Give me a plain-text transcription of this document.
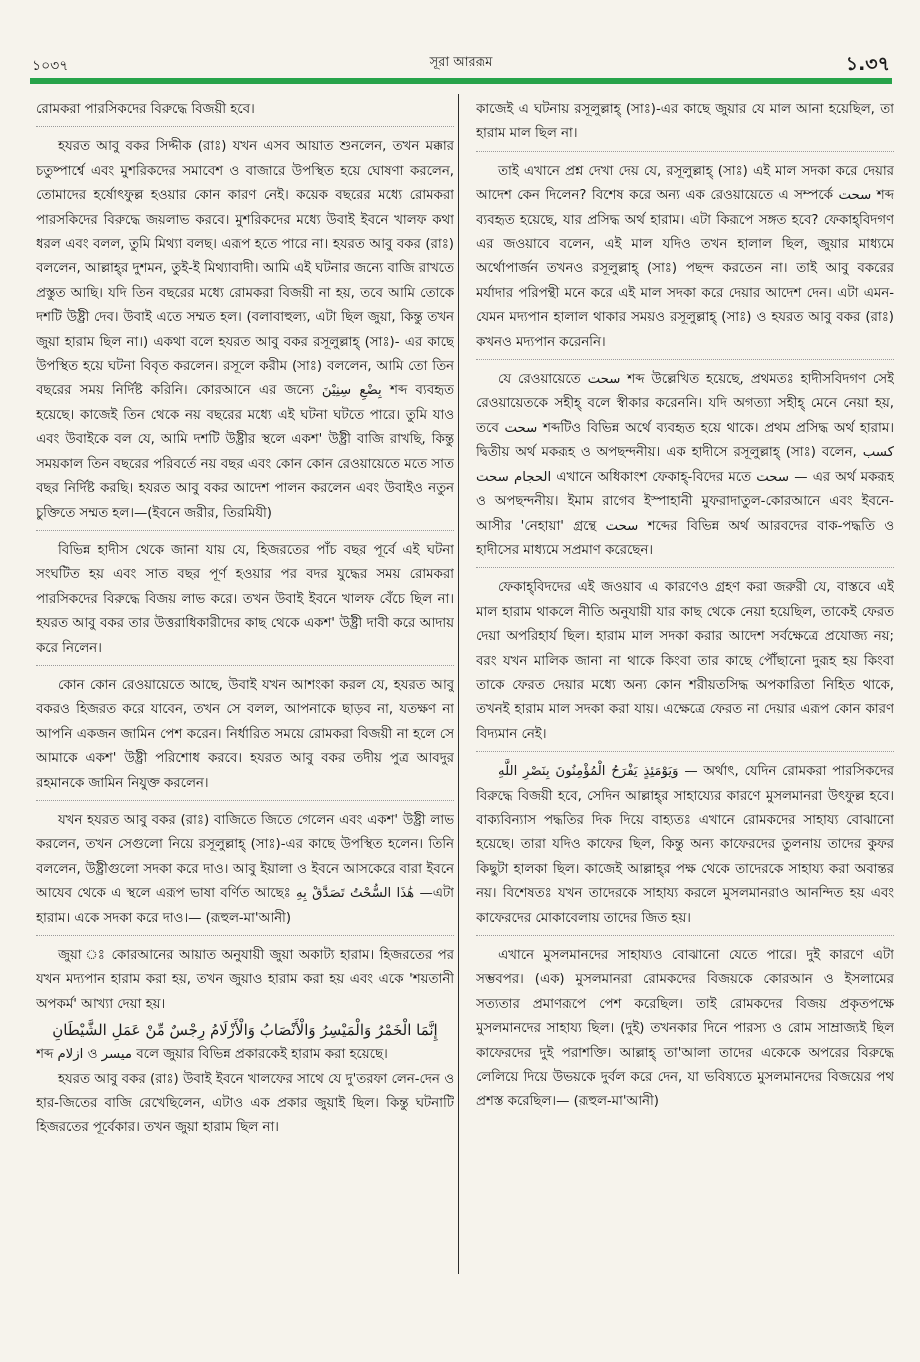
১০৩৭	সূরা আররূম	১.৩৭

রোমকরা পারসিকদের বিরুদ্ধে বিজয়ী হবে।

হযরত আবু বকর সিদ্দীক (রাঃ) যখন এসব আয়াত শুনলেন, তখন মক্কার চতুষ্পার্শ্বে এবং মুশরিকদের সমাবেশ ও বাজারে উপস্থিত হয়ে ঘোষণা করলেন, তোমাদের হর্ষোৎফুল্ল হওয়ার কোন কারণ নেই। কয়েক বছরের মধ্যে রোমকরা পারসকিদের বিরুদ্ধে জয়লাভ করবে। মুশরিকদের মধ্যে উবাই ইবনে খালফ কথা ধরল এবং বলল, তুমি মিথ্যা বলছ। এরূপ হতে পারে না। হযরত আবু বকর (রাঃ) বললেন, আল্লাহ্‌র দুশমন, তুই-ই মিথ্যাবাদী। আমি এই ঘটনার জন্যে বাজি রাখতে প্রস্তুত আছি। যদি তিন বছরের মধ্যে রোমকরা বিজয়ী না হয়, তবে আমি তোকে দশটি উষ্ট্রী দেব। উবাই এতে সম্মত হল। (বলাবাহুল্য, এটা ছিল জুয়া, কিন্তু তখন জুয়া হারাম ছিল না।) একথা বলে হযরত আবু বকর রসূলুল্লাহ্ (সাঃ)- এর কাছে উপস্থিত হয়ে ঘটনা বিবৃত করলেন। রসূলে করীম (সাঃ) বললেন, আমি তো তিন বছরের সময় নির্দিষ্ট করিনি। কোরআনে এর জন্যে بِضْعِ سِنِيْنَ শব্দ ব্যবহৃত হয়েছে। কাজেই তিন থেকে নয় বছরের মধ্যে এই ঘটনা ঘটতে পারে। তুমি যাও এবং উবাইকে বল যে, আমি দশটি উষ্ট্রীর স্থলে একশ' উষ্ট্রী বাজি রাখছি, কিন্তু সময়কাল তিন বছরের পরিবর্তে নয় বছর এবং কোন কোন রেওয়ায়েতে মতে সাত বছর নির্দিষ্ট করছি। হযরত আবু বকর আদেশ পালন করলেন এবং উবাইও নতুন চুক্তিতে সম্মত হল।—(ইবনে জরীর, তিরমিযী)

বিভিন্ন হাদীস থেকে জানা যায় যে, হিজরতের পাঁচ বছর পূর্বে এই ঘটনা সংঘটিত হয় এবং সাত বছর পূর্ণ হওয়ার পর বদর যুদ্ধের সময় রোমকরা পারসিকদের বিরুদ্ধে বিজয় লাভ করে। তখন উবাই ইবনে খালফ বেঁচে ছিল না। হযরত আবু বকর তার উত্তরাধিকারীদের কাছ থেকে একশ' উষ্ট্রী দাবী করে আদায় করে নিলেন।

কোন কোন রেওয়ায়েতে আছে, উবাই যখন আশংকা করল যে, হযরত আবু বকরও হিজরত করে যাবেন, তখন সে বলল, আপনাকে ছাড়ব না, যতক্ষণ না আপনি একজন জামিন পেশ করেন। নির্ধারিত সময়ে রোমকরা বিজয়ী না হলে সে আমাকে একশ' উষ্ট্রী পরিশোধ করবে। হযরত আবু বকর তদীয় পুত্র আবদুর রহমানকে জামিন নিযুক্ত করলেন।

যখন হযরত আবু বকর (রাঃ) বাজিতে জিতে গেলেন এবং একশ' উষ্ট্রী লাভ করলেন, তখন সেগুলো নিয়ে রসূলুল্লাহ্ (সাঃ)-এর কাছে উপস্থিত হলেন। তিনি বললেন, উষ্ট্রীগুলো সদকা করে দাও। আবু ইয়ালা ও ইবনে আসকেরে বারা ইবনে আযেব থেকে এ স্থলে এরূপ ভাষা বর্ণিত আছেঃ هَٰذَا السُّحْتُ تَصَدَّقْ بِهِ —এটা হারাম। একে সদকা করে দাও।— (রূহুল-মা'আনী)

জুয়া ঃ কোরআনের আয়াত অনুযায়ী জুয়া অকাট্য হারাম। হিজরতের পর যখন মদ্যপান হারাম করা হয়, তখন জুয়াও হারাম করা হয় এবং একে 'শয়তানী অপকর্ম' আখ্যা দেয়া হয়।

إِنَّمَا الْخَمْرُ وَالْمَيْسِرُ وَالْأَنْصَابُ وَالْأَزْلَامُ رِجْسٌ مِّنْ عَمَلِ الشَّيْطَانِ

শব্দ ازلام ও ميسر বলে জুয়ার বিভিন্ন প্রকারকেই হারাম করা হয়েছে।

হযরত আবু বকর (রাঃ) উবাই ইবনে খালফের সাথে যে দু'তরফা লেন-দেন ও হার-জিতের বাজি রেখেছিলেন, এটাও এক প্রকার জুয়াই ছিল। কিন্তু ঘটনাটি হিজরতের পূর্বেকার। তখন জুয়া হারাম ছিল না।

কাজেই এ ঘটনায় রসূলুল্লাহ্ (সাঃ)-এর কাছে জুয়ার যে মাল আনা হয়েছিল, তা হারাম মাল ছিল না।

তাই এখানে প্রশ্ন দেখা দেয় যে, রসূলুল্লাহ্ (সাঃ) এই মাল সদকা করে দেয়ার আদেশ কেন দিলেন? বিশেষ করে অন্য এক রেওয়ায়েতে এ সম্পর্কে سحت শব্দ ব্যবহৃত হয়েছে, যার প্রসিদ্ধ অর্থ হারাম। এটা কিরূপে সঙ্গত হবে? ফেকাহ্‌বিদগণ এর জওয়াবে বলেন, এই মাল যদিও তখন হালাল ছিল, জুয়ার মাধ্যমে অর্থোপার্জন তখনও রসূলুল্লাহ্ (সাঃ) পছন্দ করতেন না। তাই আবু বকরের মর্যাদার পরিপন্থী মনে করে এই মাল সদকা করে দেয়ার আদেশ দেন। এটা এমন-যেমন মদ্যপান হালাল থাকার সময়ও রসূলুল্লাহ্ (সাঃ) ও হযরত আবু বকর (রাঃ) কখনও মদ্যপান করেননি।

যে রেওয়ায়েতে سحت শব্দ উল্লেখিত হয়েছে, প্রথমতঃ হাদীসবিদগণ সেই রেওয়ায়েতকে সহীহ্ বলে স্বীকার করেননি। যদি অগত্যা সহীহ্ মেনে নেয়া হয়, তবে سحت শব্দটিও বিভিন্ন অর্থে ব্যবহৃত হয়ে থাকে। প্রথম প্রসিদ্ধ অর্থ হারাম। দ্বিতীয় অর্থ মকরূহ ও অপছন্দনীয়। এক হাদীসে রসূলুল্লাহ্ (সাঃ) বলেন, كسب الحجام سحت এখানে অধিকাংশ ফেকাহ্-বিদের মতে سحت — এর অর্থ মকরূহ ও অপছন্দনীয়। ইমাম রাগেব ইস্পাহানী মুফরাদাতুল-কোরআনে এবং ইবনে-আসীর 'নেহায়া' গ্রন্থে سحت শব্দের বিভিন্ন অর্থ আরবদের বাক-পদ্ধতি ও হাদীসের মাধ্যমে সপ্রমাণ করেছেন।

ফেকাহ্‌বিদদের এই জওয়াব এ কারণেও গ্রহণ করা জরুরী যে, বাস্তবে এই মাল হারাম থাকলে নীতি অনুযায়ী যার কাছ থেকে নেয়া হয়েছিল, তাকেই ফেরত দেয়া অপরিহার্য ছিল। হারাম মাল সদকা করার আদেশ সর্বক্ষেত্রে প্রযোজ্য নয়; বরং যখন মালিক জানা না থাকে কিংবা তার কাছে পৌঁছানো দুরূহ হয় কিংবা তাকে ফেরত দেয়ার মধ্যে অন্য কোন শরীয়তসিদ্ধ অপকারিতা নিহিত থাকে, তখনই হারাম মাল সদকা করা যায়। এক্ষেত্রে ফেরত না দেয়ার এরূপ কোন কারণ বিদ্যমান নেই।

وَيَوْمَئِذٍ يَفْرَحُ الْمُؤْمِنُونَ بِنَصْرِ اللَّهِ — অর্থাৎ, যেদিন রোমকরা পারসিকদের বিরুদ্ধে বিজয়ী হবে, সেদিন আল্লাহ্‌র সাহায্যের কারণে মুসলমানরা উৎফুল্ল হবে। বাক্যবিন্যাস পদ্ধতির দিক দিয়ে বাহ্যতঃ এখানে রোমকদের সাহায্য বোঝানো হয়েছে। তারা যদিও কাফের ছিল, কিন্তু অন্য কাফেরদের তুলনায় তাদের কুফর কিছুটা হালকা ছিল। কাজেই আল্লাহ্‌র পক্ষ থেকে তাদেরকে সাহায্য করা অবান্তর নয়। বিশেষতঃ যখন তাদেরকে সাহায্য করলে মুসলমানরাও আনন্দিত হয় এবং কাফেরদের মোকাবেলায় তাদের জিত হয়।

এখানে মুসলমানদের সাহায্যও বোঝানো যেতে পারে। দুই কারণে এটা সম্ভবপর। (এক) মুসলমানরা রোমকদের বিজয়কে কোরআন ও ইসলামের সত্যতার প্রমাণরূপে পেশ করেছিল। তাই রোমকদের বিজয় প্রকৃতপক্ষে মুসলমানদের সাহায্য ছিল। (দুই) তখনকার দিনে পারস্য ও রোম সাম্রাজ্যই ছিল কাফেরদের দুই পরাশক্তি। আল্লাহ্ তা'আলা তাদের একেকে অপরের বিরুদ্ধে লেলিয়ে দিয়ে উভয়কে দুর্বল করে দেন, যা ভবিষ্যতে মুসলমানদের বিজয়ের পথ প্রশস্ত করেছিল।— (রূহুল-মা'আনী)
